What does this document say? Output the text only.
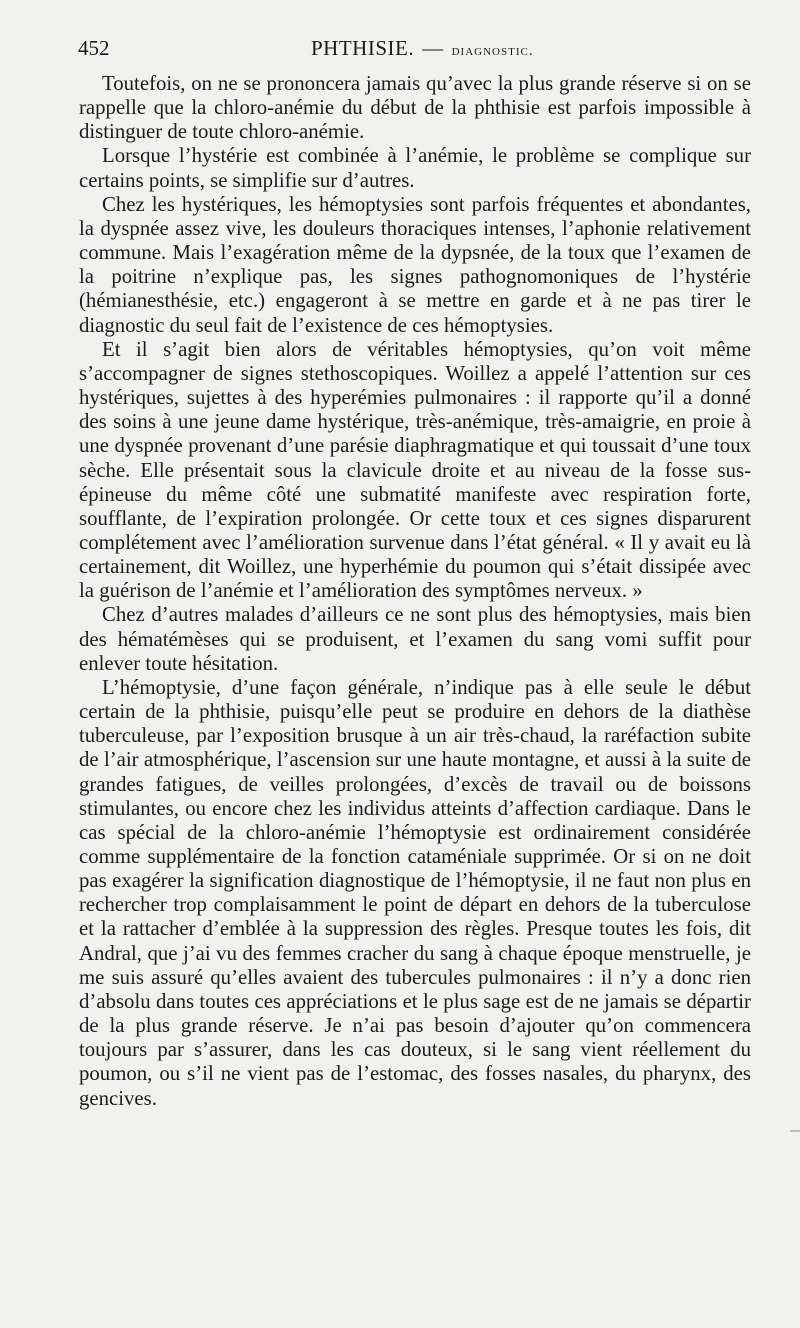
452	PHTHISIE. — diagnostic.

Toutefois, on ne se prononcera jamais qu’avec la plus grande réserve si on se rappelle que la chloro-anémie du début de la phthisie est parfois impossible à distinguer de toute chloro-anémie.

Lorsque l’hystérie est combinée à l’anémie, le problème se complique sur certains points, se simplifie sur d’autres.

Chez les hystériques, les hémoptysies sont parfois fréquentes et abondantes, la dyspnée assez vive, les douleurs thoraciques intenses, l’aphonie relativement commune. Mais l’exagération même de la dypsnée, de la toux que l’examen de la poitrine n’explique pas, les signes pathognomoniques de l’hystérie (hémianesthésie, etc.) engageront à se mettre en garde et à ne pas tirer le diagnostic du seul fait de l’existence de ces hémoptysies.

Et il s’agit bien alors de véritables hémoptysies, qu’on voit même s’accompagner de signes stethoscopiques. Woillez a appelé l’attention sur ces hystériques, sujettes à des hyperémies pulmonaires : il rapporte qu’il a donné des soins à une jeune dame hystérique, très-anémique, très-amaigrie, en proie à une dyspnée provenant d’une parésie diaphragmatique et qui toussait d’une toux sèche. Elle présentait sous la clavicule droite et au niveau de la fosse sus-épineuse du même côté une submatité manifeste avec respiration forte, soufflante, de l’expiration prolongée. Or cette toux et ces signes disparurent complétement avec l’amélioration survenue dans l’état général. « Il y avait eu là certainement, dit Woillez, une hyperhémie du poumon qui s’était dissipée avec la guérison de l’anémie et l’amélioration des symptômes nerveux. »

Chez d’autres malades d’ailleurs ce ne sont plus des hémoptysies, mais bien des hématémèses qui se produisent, et l’examen du sang vomi suffit pour enlever toute hésitation.

L’hémoptysie, d’une façon générale, n’indique pas à elle seule le début certain de la phthisie, puisqu’elle peut se produire en dehors de la diathèse tuberculeuse, par l’exposition brusque à un air très-chaud, la raréfaction subite de l’air atmosphérique, l’ascension sur une haute montagne, et aussi à la suite de grandes fatigues, de veilles prolongées, d’excès de travail ou de boissons stimulantes, ou encore chez les individus atteints d’affection cardiaque. Dans le cas spécial de la chloro-anémie l’hémoptysie est ordinairement considérée comme supplémentaire de la fonction cataméniale supprimée. Or si on ne doit pas exagérer la signification diagnostique de l’hémoptysie, il ne faut non plus en rechercher trop complaisamment le point de départ en dehors de la tuberculose et la rattacher d’emblée à la suppression des règles. Presque toutes les fois, dit Andral, que j’ai vu des femmes cracher du sang à chaque époque menstruelle, je me suis assuré qu’elles avaient des tubercules pulmonaires : il n’y a donc rien d’absolu dans toutes ces appréciations et le plus sage est de ne jamais se départir de la plus grande réserve. Je n’ai pas besoin d’ajouter qu’on commencera toujours par s’assurer, dans les cas douteux, si le sang vient réellement du poumon, ou s’il ne vient pas de l’estomac, des fosses nasales, du pharynx, des gencives.
